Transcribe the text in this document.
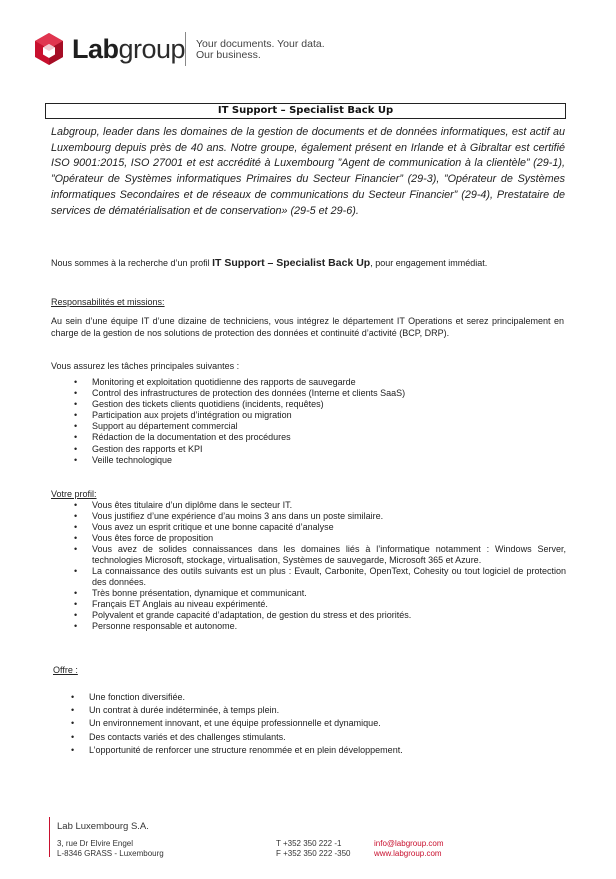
Labgroup Your documents. Your data.
Our business.
IT Support – Specialist Back Up
Labgroup, leader dans les domaines de la gestion de documents et de données informatiques, est actif au Luxembourg depuis près de 40 ans. Notre groupe, également présent en Irlande et à Gibraltar est certifié ISO 9001:2015, ISO 27001 et est accrédité à Luxembourg ”Agent de communication à la clientèle” (29-1), ”Opérateur de Systèmes informatiques Primaires du Secteur Financier” (29-3), ”Opérateur de Systèmes informatiques Secondaires et de réseaux de communications du Secteur Financier” (29-4), Prestataire de services de dématérialisation et de conservation» (29-5 et 29-6).
Nous sommes à la recherche d’un profil IT Support – Specialist Back Up, pour engagement immédiat.
Responsabilités et missions:
Au sein d’une équipe IT d’une dizaine de techniciens, vous intégrez le département IT Operations et serez principalement en charge de la gestion de nos solutions de protection des données et continuité d’activité (BCP, DRP).
Vous assurez les tâches principales suivantes :
• Monitoring et exploitation quotidienne des rapports de sauvegarde
• Control des infrastructures de protection des données (Interne et clients SaaS)
• Gestion des tickets clients quotidiens (incidents, requêtes)
• Participation aux projets d’intégration ou migration
• Support au département commercial
• Rédaction de la documentation et des procédures
• Gestion des rapports et KPI
• Veille technologique
Votre profil:
• Vous êtes titulaire d’un diplôme dans le secteur IT.
• Vous justifiez d’une expérience d’au moins 3 ans dans un poste similaire.
• Vous avez un esprit critique et une bonne capacité d’analyse
• Vous êtes force de proposition
• Vous avez de solides connaissances dans les domaines liés à l’informatique notamment : Windows Server, technologies Microsoft, stockage, virtualisation, Systèmes de sauvegarde, Microsoft 365 et Azure.
• La connaissance des outils suivants est un plus : Evault, Carbonite, OpenText, Cohesity ou tout logiciel de protection des données.
• Très bonne présentation, dynamique et communicant.
• Français ET Anglais au niveau expérimenté.
• Polyvalent et grande capacité d’adaptation, de gestion du stress et des priorités.
• Personne responsable et autonome.
Offre :
• Une fonction diversifiée.
• Un contrat à durée indéterminée, à temps plein.
• Un environnement innovant, et une équipe professionnelle et dynamique.
• Des contacts variés et des challenges stimulants.
• L’opportunité de renforcer une structure renommée et en plein développement.
Lab Luxembourg S.A.
3, rue Dr Elvire Engel
L-8346 GRASS - Luxembourg
T +352 350 222 -1
F +352 350 222 -350
info@labgroup.com
www.labgroup.com
